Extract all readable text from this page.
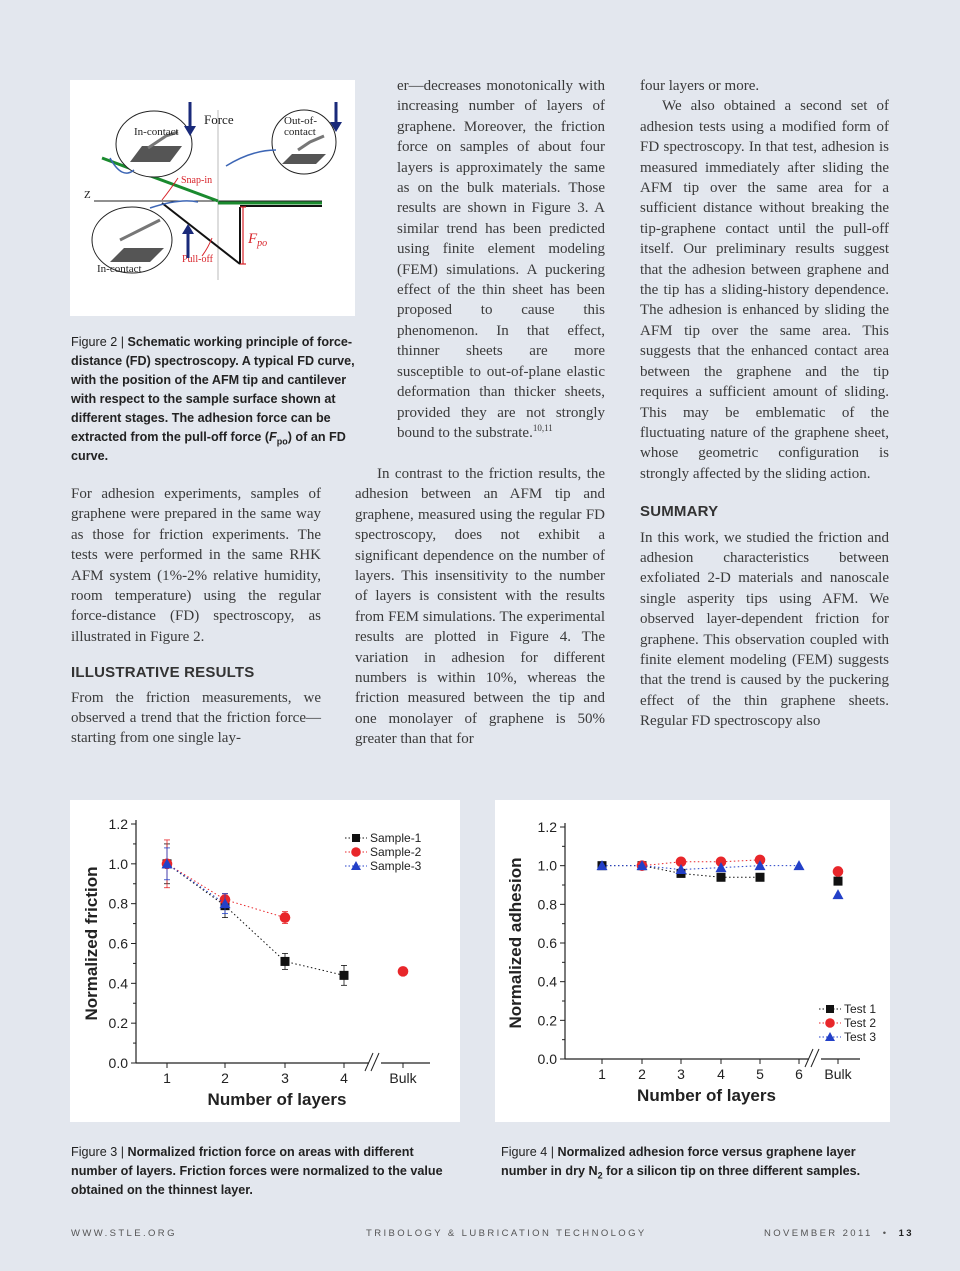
Z
$F_{po}$
Force
Snap-in
Pull-off
In-contact
Out-of-
contact
In-contact
Figure 2 | Schematic working principle of force-distance (FD) spectroscopy. A typical FD curve, with the position of the AFM tip and cantilever with respect to the sample surface shown at different stages. The adhesion force can be extracted from the pull-off force $(F_{po})$ of an FD curve.

For adhesion experiments, samples of graphene were prepared in the same way as those for friction experiments. The tests were performed in the same RHK AFM system (1%-2% relative humidity, room temperature) using the regular force-distance (FD) spectroscopy, as illustrated in Figure 2.

ILLUSTRATIVE RESULTS

From the friction measurements, we observed a trend that the friction force—starting from one single lay-

er—decreases monotonically with increasing number of layers of graphene. Moreover, the friction force on samples of about four layers is approximately the same as on the bulk materials. Those results are shown in Figure 3. A similar trend has been predicted using finite element modeling (FEM) simulations. A puckering effect of the thin sheet has been proposed to cause this phenomenon. In that effect, thinner sheets are more susceptible to out-of-plane elastic deformation than thicker sheets, provided they are not strongly bound to the substrate.$^{10,11}$

In contrast to the friction results, the adhesion between an AFM tip and graphene, measured using the regular FD spectroscopy, does not exhibit a significant dependence on the number of layers. This insensitivity to the number of layers is consistent with the results from FEM simulations. The experimental results are plotted in Figure 4. The variation in adhesion for different numbers is within 10%, whereas the friction measured between the tip and one monolayer of graphene is 50% greater than that for

four layers or more.

We also obtained a second set of adhesion tests using a modified form of FD spectroscopy. In that test, adhesion is measured immediately after sliding the AFM tip over the same area for a sufficient distance without breaking the tip-graphene contact until the pull-off itself. Our preliminary results suggest that the adhesion between graphene and the tip has a sliding-history dependence. The adhesion is enhanced by sliding the AFM tip over the same area. This suggests that the enhanced contact area between the graphene and the tip requires a sufficient amount of sliding. This may be emblematic of the fluctuating nature of the graphene sheet, whose geometric configuration is strongly affected by the sliding action.

SUMMARY

In this work, we studied the friction and adhesion characteristics between exfoliated 2-D materials and nanoscale single asperity tips using AFM. We observed layer-dependent friction for graphene. This observation coupled with finite element modeling (FEM) suggests that the trend is caused by the puckering effect of the thin graphene sheets. Regular FD spectroscopy also

0.0
0.2
0.4
0.6
0.8
1.0
1.2
1	2	3	4	Bulk
Number of layers
Normalized friction
Sample-1
Sample-2
Sample-3
Figure 3 | Normalized friction force on areas with different number of layers. Friction forces were normalized to the value obtained on the thinnest layer.
0.0
0.2
0.4
0.6
0.8
1.0
1.2
1 2 3 4 5 6 Bulk
Number of layers
Normalized adhesion	Test 1
Test 2
Test 3
Figure 4 | Normalized adhesion force versus graphene layer number in dry $N_2$ for a silicon tip on three different samples.
WWW.STLE.ORG	TRIBOLOGY & LUBRICATION TECHNOLOGY	NOVEMBER 2011 • 13
